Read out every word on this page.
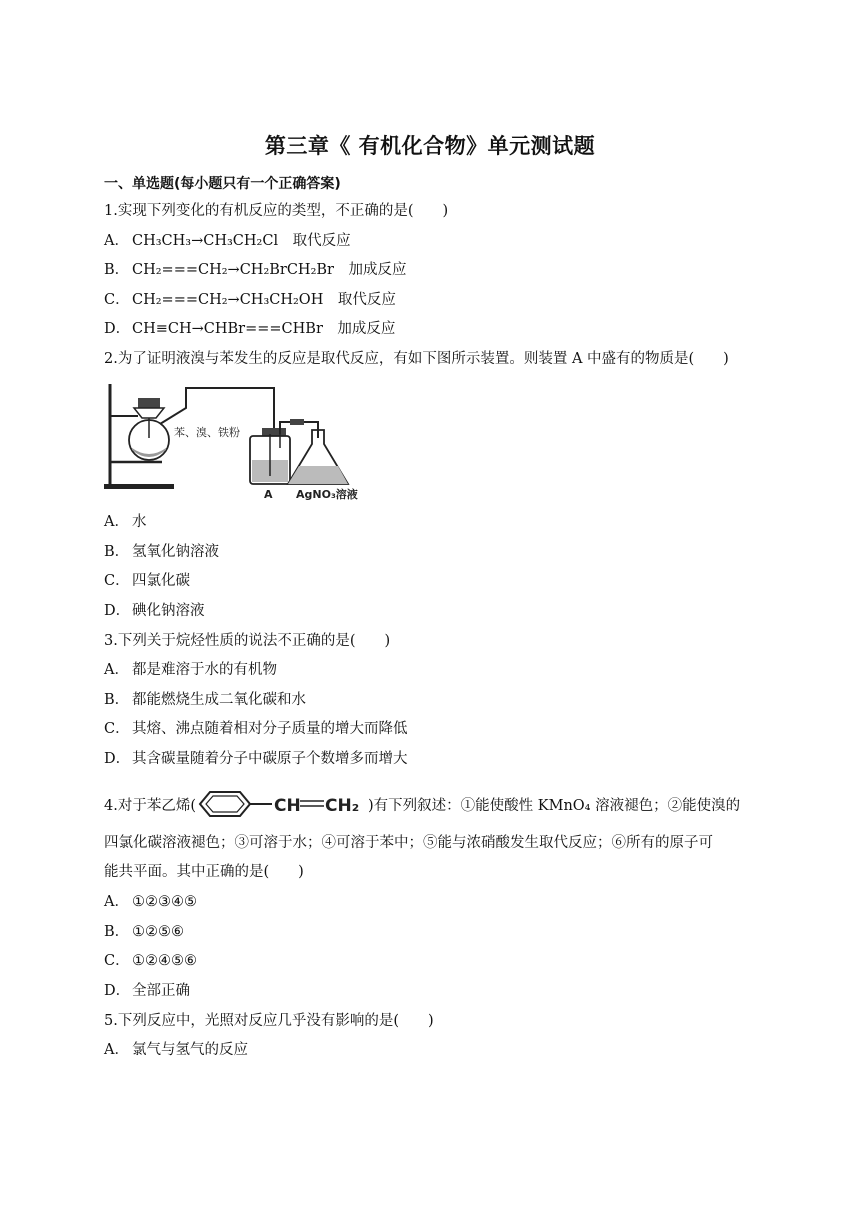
第三章《 有机化合物》单元测试题
一、单选题(每小题只有一个正确答案)
1.实现下列变化的有机反应的类型，不正确的是(　　)
A． CH₃CH₃→CH₃CH₂Cl　取代反应
B． CH₂===CH₂→CH₂BrCH₂Br　加成反应
C． CH₂===CH₂→CH₃CH₂OH　取代反应
D． CH≡CH→CHBr===CHBr　加成反应
2.为了证明液溴与苯发生的反应是取代反应，有如下图所示装置。则装置 A 中盛有的物质是(　　)
苯、溴、铁粉
A AgNO₃溶液
A． 水
B． 氢氧化钠溶液
C． 四氯化碳
D． 碘化钠溶液
3.下列关于烷烃性质的说法不正确的是(　　)
A． 都是难溶于水的有机物
B． 都能燃烧生成二氧化碳和水
C． 其熔、沸点随着相对分子质量的增大而降低
D． 其含碳量随着分子中碳原子个数增多而增大
4.对于苯乙烯(	CH CH₂ )有下列叙述：①能使酸性 KMnO₄ 溶液褪色；②能使溴的
四氯化碳溶液褪色；③可溶于水；④可溶于苯中；⑤能与浓硝酸发生取代反应；⑥所有的原子可
能共平面。其中正确的是(　　)
A． ①②③④⑤
B． ①②⑤⑥
C． ①②④⑤⑥
D． 全部正确
5.下列反应中，光照对反应几乎没有影响的是(　　)
A． 氯气与氢气的反应
